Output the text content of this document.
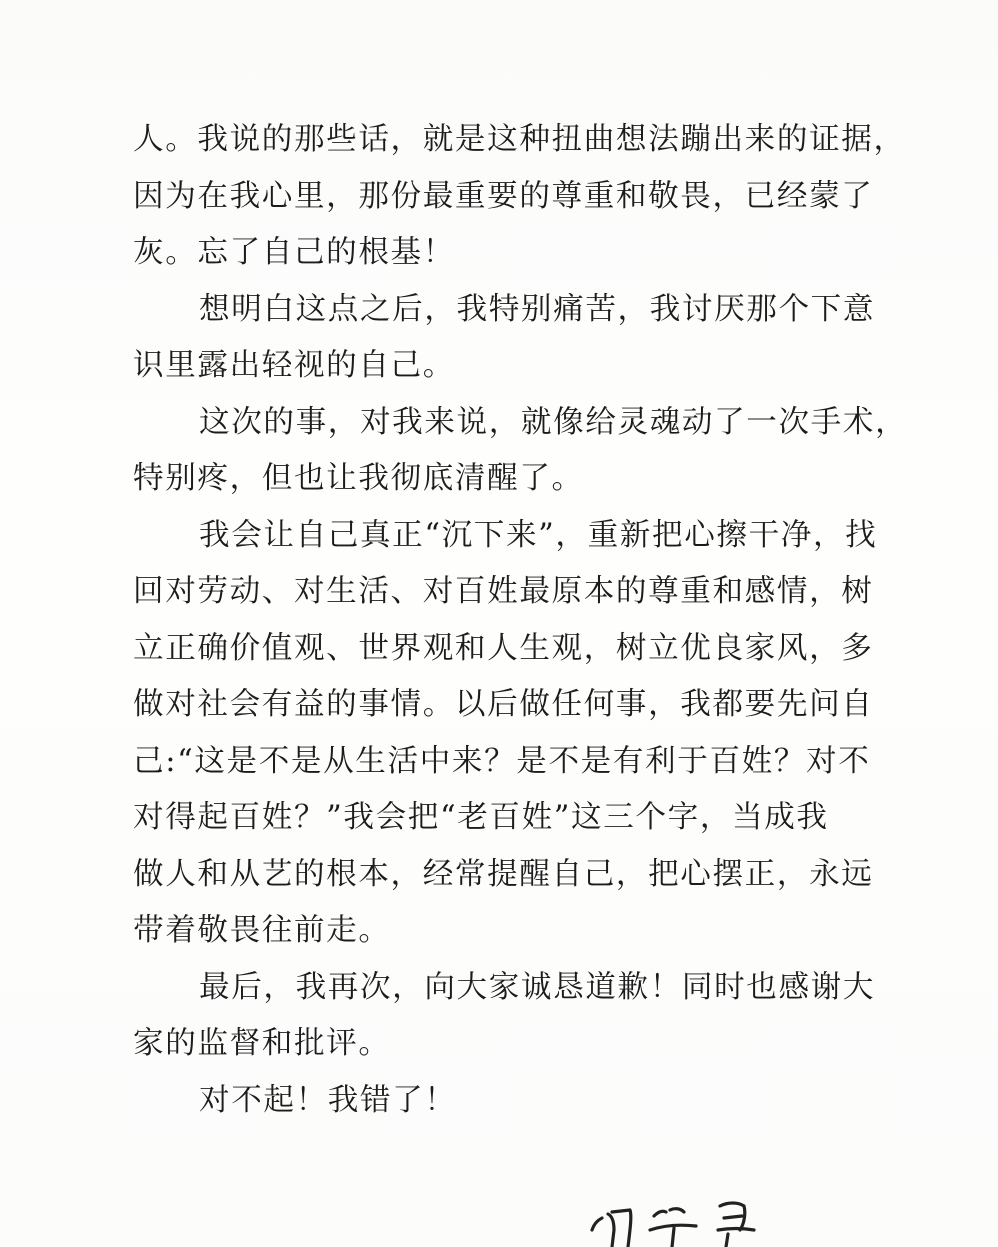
人。我说的那些话，就是这种扭曲想法蹦出来的证据，
因为在我心里，那份最重要的尊重和敬畏，已经蒙了
灰。忘了自己的根基！
想明白这点之后，我特别痛苦，我讨厌那个下意
识里露出轻视的自己。
这次的事，对我来说，就像给灵魂动了一次手术，
特别疼，但也让我彻底清醒了。
我会让自己真正“沉下来”，重新把心擦干净，找
回对劳动、对生活、对百姓最原本的尊重和感情，树
立正确价值观、世界观和人生观，树立优良家风，多
做对社会有益的事情。以后做任何事，我都要先问自
己:“这是不是从生活中来？是不是有利于百姓？对不
对得起百姓？”我会把“老百姓”这三个字，当成我
做人和从艺的根本，经常提醒自己，把心摆正，永远
带着敬畏往前走。
最后，我再次，向大家诚恳道歉！同时也感谢大
家的监督和批评。
对不起！我错了！
